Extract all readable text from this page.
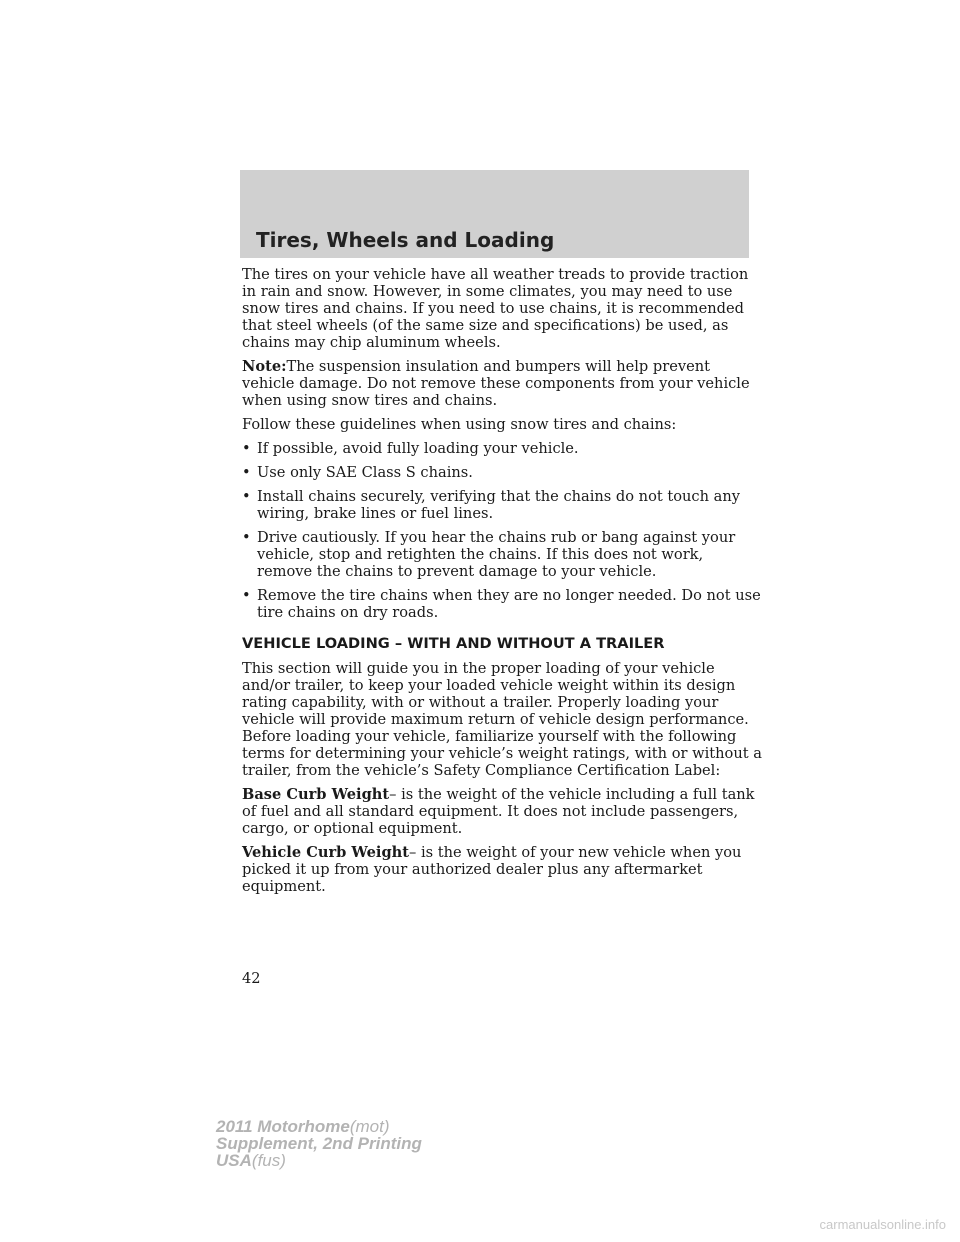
Tires, Wheels and Loading

The tires on your vehicle have all weather treads to provide traction in rain and snow. However, in some climates, you may need to use snow tires and chains. If you need to use chains, it is recommended that steel wheels (of the same size and specifications) be used, as chains may chip aluminum wheels.

Note:The suspension insulation and bumpers will help prevent vehicle damage. Do not remove these components from your vehicle when using snow tires and chains.

Follow these guidelines when using snow tires and chains:

• If possible, avoid fully loading your vehicle.
• Use only SAE Class S chains.
• Install chains securely, verifying that the chains do not touch any wiring, brake lines or fuel lines.
• Drive cautiously. If you hear the chains rub or bang against your vehicle, stop and retighten the chains. If this does not work, remove the chains to prevent damage to your vehicle.
• Remove the tire chains when they are no longer needed. Do not use tire chains on dry roads.
VEHICLE LOADING – WITH AND WITHOUT A TRAILER

This section will guide you in the proper loading of your vehicle and/or trailer, to keep your loaded vehicle weight within its design rating capability, with or without a trailer. Properly loading your vehicle will provide maximum return of vehicle design performance. Before loading your vehicle, familiarize yourself with the following terms for determining your vehicle’s weight ratings, with or without a trailer, from the vehicle’s Safety Compliance Certification Label:

Base Curb Weight– is the weight of the vehicle including a full tank of fuel and all standard equipment. It does not include passengers, cargo, or optional equipment.

Vehicle Curb Weight– is the weight of your new vehicle when you picked it up from your authorized dealer plus any aftermarket equipment.

42
2011 Motorhome(mot)
Supplement, 2nd Printing
USA(fus)
carmanualsonline.info
